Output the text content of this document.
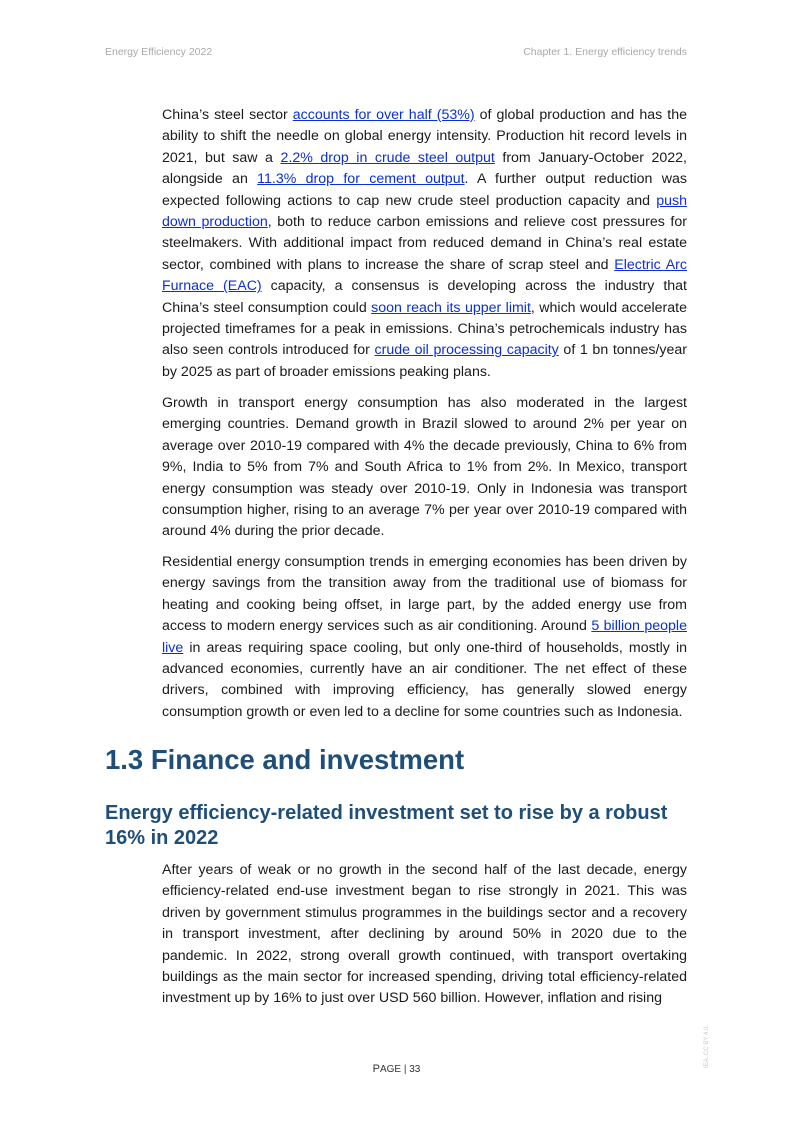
Energy Efficiency 2022	Chapter 1. Energy efficiency trends

China’s steel sector accounts for over half (53%) of global production and has the ability to shift the needle on global energy intensity. Production hit record levels in 2021, but saw a 2.2% drop in crude steel output from January-October 2022, alongside an 11.3% drop for cement output. A further output reduction was expected following actions to cap new crude steel production capacity and push down production, both to reduce carbon emissions and relieve cost pressures for steelmakers. With additional impact from reduced demand in China’s real estate sector, combined with plans to increase the share of scrap steel and Electric Arc Furnace (EAC) capacity, a consensus is developing across the industry that China’s steel consumption could soon reach its upper limit, which would accelerate projected timeframes for a peak in emissions. China’s petrochemicals industry has also seen controls introduced for crude oil processing capacity of 1 bn tonnes/year by 2025 as part of broader emissions peaking plans.

Growth in transport energy consumption has also moderated in the largest emerging countries. Demand growth in Brazil slowed to around 2% per year on average over 2010-19 compared with 4% the decade previously, China to 6% from 9%, India to 5% from 7% and South Africa to 1% from 2%. In Mexico, transport energy consumption was steady over 2010-19. Only in Indonesia was transport consumption higher, rising to an average 7% per year over 2010-19 compared with around 4% during the prior decade.

Residential energy consumption trends in emerging economies has been driven by energy savings from the transition away from the traditional use of biomass for heating and cooking being offset, in large part, by the added energy use from access to modern energy services such as air conditioning. Around 5 billion people live in areas requiring space cooling, but only one-third of households, mostly in advanced economies, currently have an air conditioner. The net effect of these drivers, combined with improving efficiency, has generally slowed energy consumption growth or even led to a decline for some countries such as Indonesia.

1.3 Finance and investment
Energy efficiency-related investment set to rise by a robust 16% in 2022

After years of weak or no growth in the second half of the last decade, energy efficiency-related end-use investment began to rise strongly in 2021. This was driven by government stimulus programmes in the buildings sector and a recovery in transport investment, after declining by around 50% in 2020 due to the pandemic. In 2022, strong overall growth continued, with transport overtaking buildings as the main sector for increased spending, driving total efficiency-related investment up by 16% to just over USD 560 billion. However, inflation and rising

PAGE | 33
IEA. CC BY 4.0.
